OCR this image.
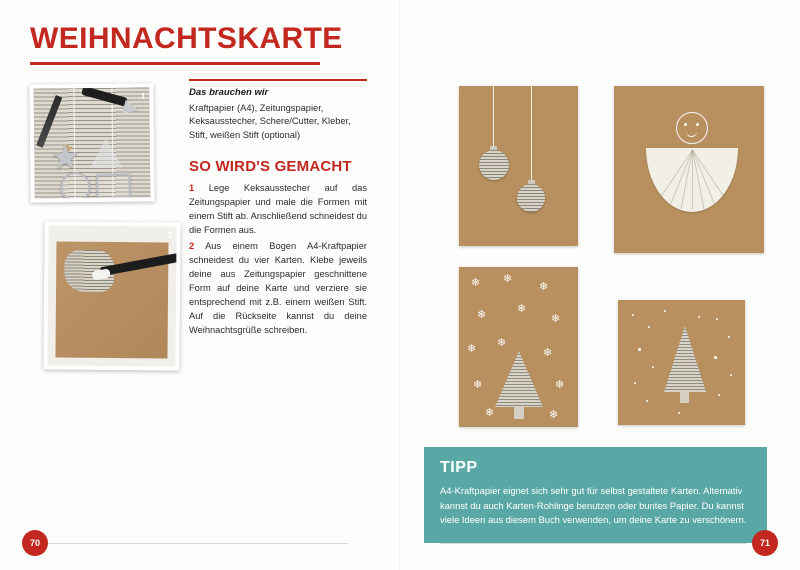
WEIHNACHTSKARTE
★
1
2
Das brauchen wir
Kraftpapier (A4), Zeitungspapier, Keksausstecher, Schere/Cutter, Kleber, Stift, weißen Stift (optional)
SO WIRD'S GEMACHT
1 Lege Keksausstecher auf das Zeitungspapier und male die Formen mit einem Stift ab. Anschließend schneidest du die Formen aus.
2 Aus einem Bogen A4-Kraftpapier schneidest du vier Karten. Klebe jeweils deine aus Zeitungspapier geschnittene Form auf deine Karte und verziere sie entsprechend mit z.B. einem weißen Stift. Auf die Rückseite kannst du deine Weihnachtsgrüße schreiben.
❄ ❄
❄
❄	❄
❄
❄ ❄
❄
❄	❄
❄	❄
TIPP
A4-Kraftpapier eignet sich sehr gut für selbst gestaltete Karten. Alternativ kannst du auch Karten-Rohlinge benutzen oder buntes Papier. Du kannst viele Ideen aus diesem Buch verwenden, um deine Karte zu verschönern.
70	71
